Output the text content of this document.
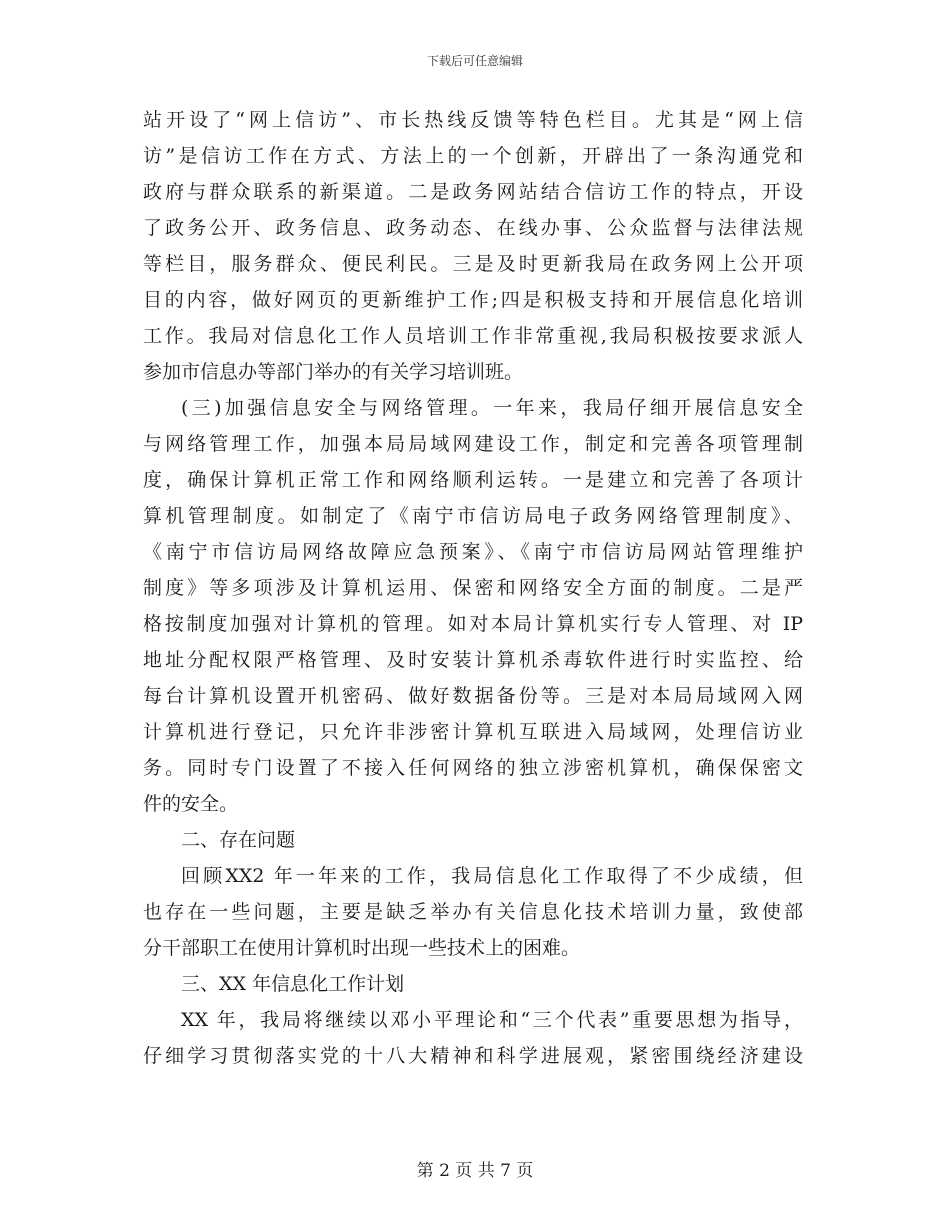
下载后可任意编辑
站开设了“网上信访”、市长热线反馈等特色栏目。尤其是“网上信
访”是信访工作在方式、方法上的一个创新，开辟出了一条沟通党和
政府与群众联系的新渠道。二是政务网站结合信访工作的特点，开设
了政务公开、政务信息、政务动态、在线办事、公众监督与法律法规
等栏目，服务群众、便民利民。三是及时更新我局在政务网上公开项
目的内容，做好网页的更新维护工作;四是积极支持和开展信息化培训
工作。我局对信息化工作人员培训工作非常重视,我局积极按要求派人
参加市信息办等部门举办的有关学习培训班。
(三)加强信息安全与网络管理。一年来，我局仔细开展信息安全
与网络管理工作，加强本局局域网建设工作，制定和完善各项管理制
度，确保计算机正常工作和网络顺利运转。一是建立和完善了各项计
算机管理制度。如制定了《南宁市信访局电子政务网络管理制度》、
《南宁市信访局网络故障应急预案》、《南宁市信访局网站管理维护
制度》等多项涉及计算机运用、保密和网络安全方面的制度。二是严
格按制度加强对计算机的管理。如对本局计算机实行专人管理、对 IP
地址分配权限严格管理、及时安装计算机杀毒软件进行时实监控、给
每台计算机设置开机密码、做好数据备份等。三是对本局局域网入网
计算机进行登记，只允许非涉密计算机互联进入局域网，处理信访业
务。同时专门设置了不接入任何网络的独立涉密机算机，确保保密文
件的安全。
二、存在问题
回顾XX2 年一年来的工作，我局信息化工作取得了不少成绩，但
也存在一些问题，主要是缺乏举办有关信息化技术培训力量，致使部
分干部职工在使用计算机时出现一些技术上的困难。
三、XX 年信息化工作计划
XX 年，我局将继续以邓小平理论和“三个代表”重要思想为指导，
仔细学习贯彻落实党的十八大精神和科学进展观，紧密围绕经济建设
第 2 页 共 7 页
